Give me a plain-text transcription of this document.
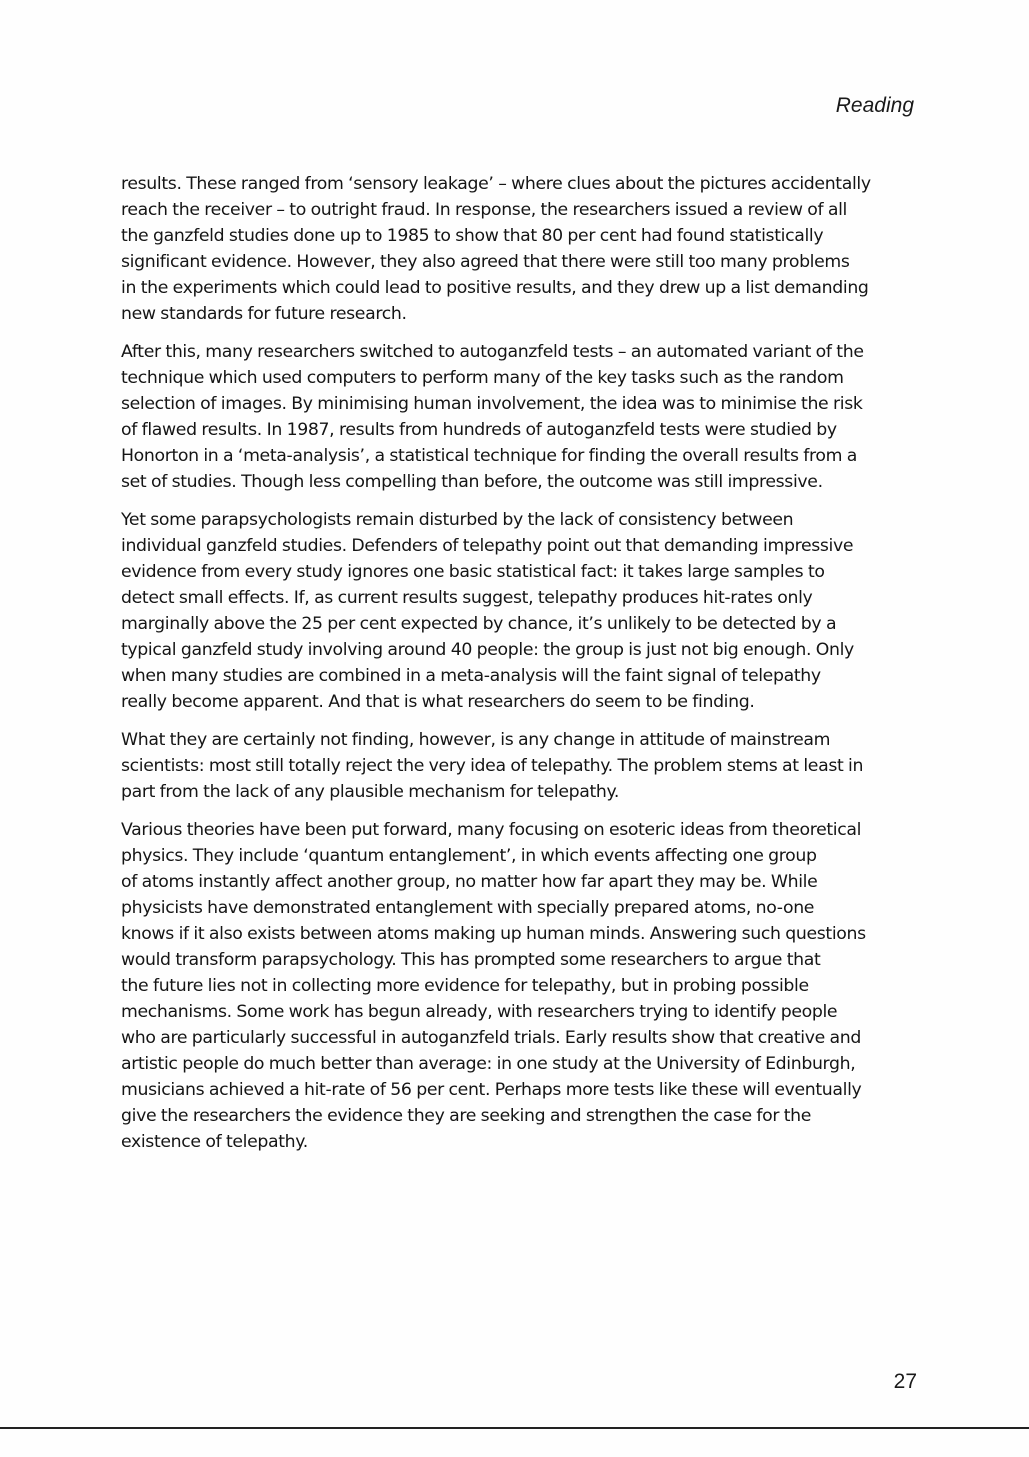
Reading
results. These ranged from ‘sensory leakage’ – where clues about the pictures accidentally
reach the receiver – to outright fraud. In response, the researchers issued a review of all
the ganzfeld studies done up to 1985 to show that 80 per cent had found statistically
significant evidence. However, they also agreed that there were still too many problems
in the experiments which could lead to positive results, and they drew up a list demanding
new standards for future research.
After this, many researchers switched to autoganzfeld tests – an automated variant of the
technique which used computers to perform many of the key tasks such as the random
selection of images. By minimising human involvement, the idea was to minimise the risk
of flawed results. In 1987, results from hundreds of autoganzfeld tests were studied by
Honorton in a ‘meta-analysis’, a statistical technique for finding the overall results from a
set of studies. Though less compelling than before, the outcome was still impressive.
Yet some parapsychologists remain disturbed by the lack of consistency between
individual ganzfeld studies. Defenders of telepathy point out that demanding impressive
evidence from every study ignores one basic statistical fact: it takes large samples to
detect small effects. If, as current results suggest, telepathy produces hit-rates only
marginally above the 25 per cent expected by chance, it’s unlikely to be detected by a
typical ganzfeld study involving around 40 people: the group is just not big enough. Only
when many studies are combined in a meta-analysis will the faint signal of telepathy
really become apparent. And that is what researchers do seem to be finding.
What they are certainly not finding, however, is any change in attitude of mainstream
scientists: most still totally reject the very idea of telepathy. The problem stems at least in
part from the lack of any plausible mechanism for telepathy.
Various theories have been put forward, many focusing on esoteric ideas from theoretical
physics. They include ‘quantum entanglement’, in which events affecting one group
of atoms instantly affect another group, no matter how far apart they may be. While
physicists have demonstrated entanglement with specially prepared atoms, no-one
knows if it also exists between atoms making up human minds. Answering such questions
would transform parapsychology. This has prompted some researchers to argue that
the future lies not in collecting more evidence for telepathy, but in probing possible
mechanisms. Some work has begun already, with researchers trying to identify people
who are particularly successful in autoganzfeld trials. Early results show that creative and
artistic people do much better than average: in one study at the University of Edinburgh,
musicians achieved a hit-rate of 56 per cent. Perhaps more tests like these will eventually
give the researchers the evidence they are seeking and strengthen the case for the
existence of telepathy.
27
